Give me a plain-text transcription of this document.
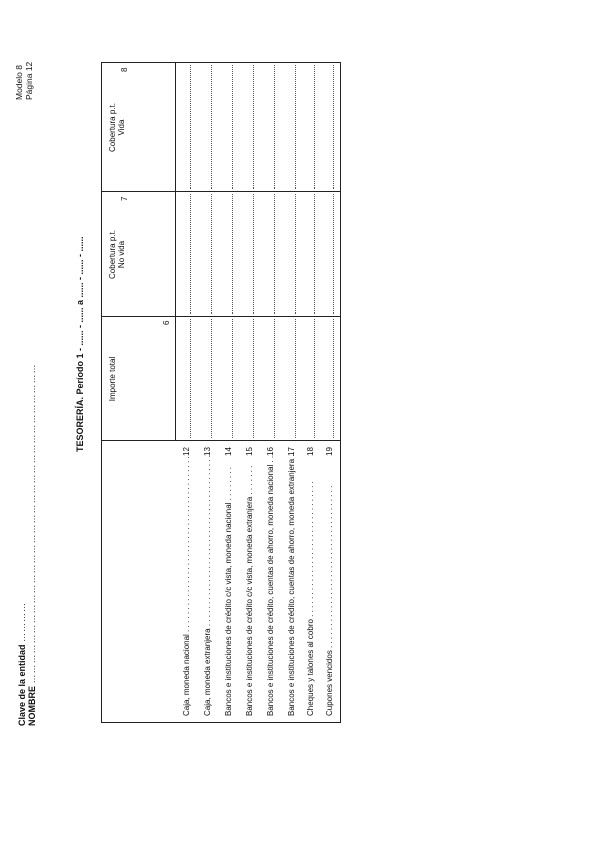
Clave de la entidad …………
NOMBRE ……………………………………………………………………………………
Modelo 8 Página 12
TESORERÍA. Período 1 - ...... - ...... a ...... - ...... - ......	Importe total
6
Cobertura p.t. No vida
7
Cobertura p.t. Vida
8
Caja, moneda nacional . . . . . . . . . . . . . . . . . . . . . . . . . . . . . . . . . . . . . . . .
12
Caja, moneda extranjera . . . . . . . . . . . . . . . . . . . . . . . . . . . . . . . . . . . . . . .
13
Bancos e instituciones de crédito c/c vista, moneda nacional . . . . . . . .
14
Bancos e instituciones de crédito c/c vista, moneda extranjera . . . . . . .
15
Bancos e instituciones de crédito, cuentas de ahorro, moneda nacional . .
16
Bancos e instituciones de crédito, cuentas de ahorro, moneda extranjera .
17
Cheques y talones al cobro . . . . . . . . . . . . . . . . . . . . . . . . . . . . . . .
18
Cupones vencidos . . . . . . . . . . . . . . . . . . . . . . . . . . . . . . . . . . . . .
19
